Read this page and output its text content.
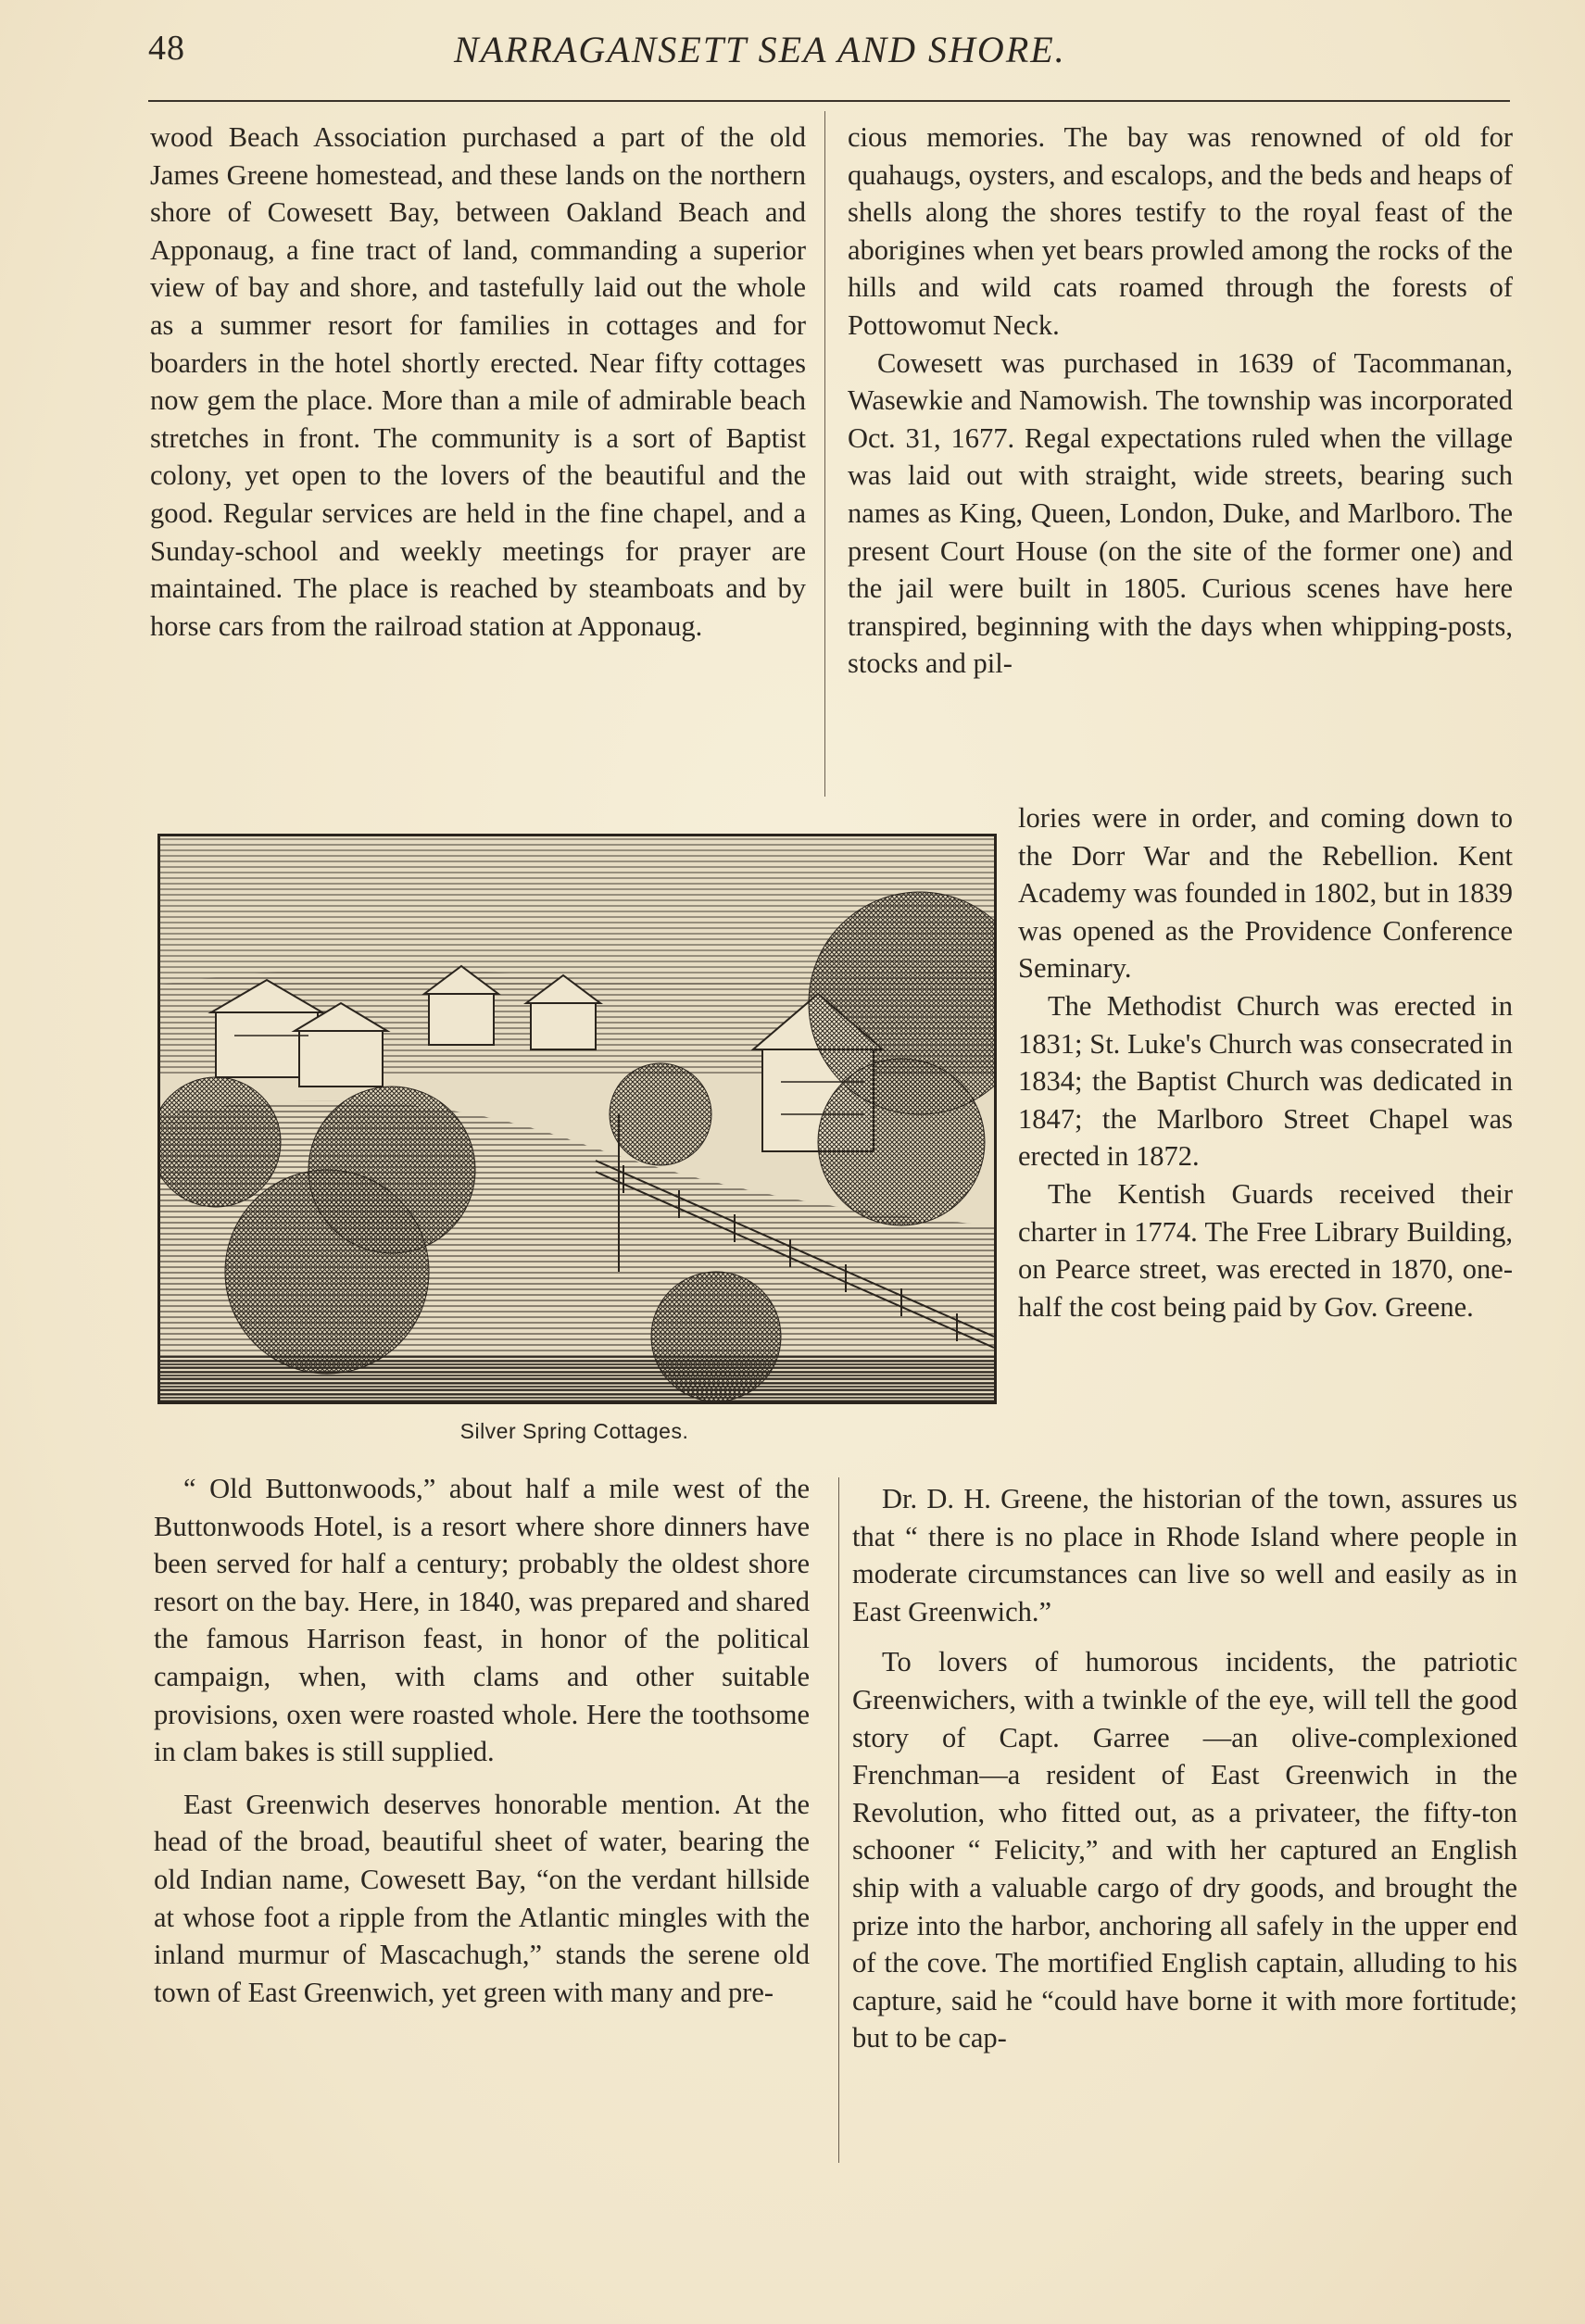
48	NARRAGANSETT SEA AND SHORE.

wood Beach Association purchased a part of the old James Greene homestead, and these lands on the northern shore of Cowesett Bay, between Oakland Beach and Apponaug, a fine tract of land, commanding a superior view of bay and shore, and tastefully laid out the whole as a summer resort for families in cottages and for boarders in the hotel shortly erected. Near fifty cottages now gem the place. More than a mile of admirable beach stretches in front. The community is a sort of Baptist colony, yet open to the lovers of the beautiful and the good. Regular services are held in the fine chapel, and a Sunday-school and weekly meetings for prayer are maintained. The place is reached by steamboats and by horse cars from the railroad station at Apponaug.

cious memories. The bay was renowned of old for quahaugs, oysters, and escalops, and the beds and heaps of shells along the shores testify to the royal feast of the aborigines when yet bears prowled among the rocks of the hills and wild cats roamed through the forests of Pottowomut Neck.

Cowesett was purchased in 1639 of Tacommanan, Wasewkie and Namowish. The township was incorporated Oct. 31, 1677. Regal expectations ruled when the village was laid out with straight, wide streets, bearing such names as King, Queen, London, Duke, and Marlboro. The present Court House (on the site of the former one) and the jail were built in 1805. Curious scenes have here transpired, beginning with the days when whipping-posts, stocks and pil-

lories were in order, and coming down to the Dorr War and the Rebellion. Kent Academy was founded in 1802, but in 1839 was opened as the Providence Conference Seminary.

The Methodist Church was erected in 1831; St. Luke's Church was consecrated in 1834; the Baptist Church was dedicated in 1847; the Marlboro Street Chapel was erected in 1872.

The Kentish Guards received their charter in 1774. The Free Library Building, on Pearce street, was erected in 1870, one-half the cost being paid by Gov. Greene.

Silver Spring Cottages.

“ Old Buttonwoods,” about half a mile west of the Buttonwoods Hotel, is a resort where shore dinners have been served for half a century; probably the oldest shore resort on the bay. Here, in 1840, was prepared and shared the famous Harrison feast, in honor of the political campaign, when, with clams and other suitable provisions, oxen were roasted whole. Here the toothsome in clam bakes is still supplied.

East Greenwich deserves honorable mention. At the head of the broad, beautiful sheet of water, bearing the old Indian name, Cowesett Bay, “on the verdant hillside at whose foot a ripple from the Atlantic mingles with the inland murmur of Mascachugh,” stands the serene old town of East Greenwich, yet green with many and pre-

Dr. D. H. Greene, the historian of the town, assures us that “ there is no place in Rhode Island where people in moderate circumstances can live so well and easily as in East Greenwich.”

To lovers of humorous incidents, the patriotic Greenwichers, with a twinkle of the eye, will tell the good story of Capt. Garree —an olive-complexioned Frenchman—a resident of East Greenwich in the Revolution, who fitted out, as a privateer, the fifty-ton schooner “ Felicity,” and with her captured an English ship with a valuable cargo of dry goods, and brought the prize into the harbor, anchoring all safely in the upper end of the cove. The mortified English captain, alluding to his capture, said he “could have borne it with more fortitude; but to be cap-
